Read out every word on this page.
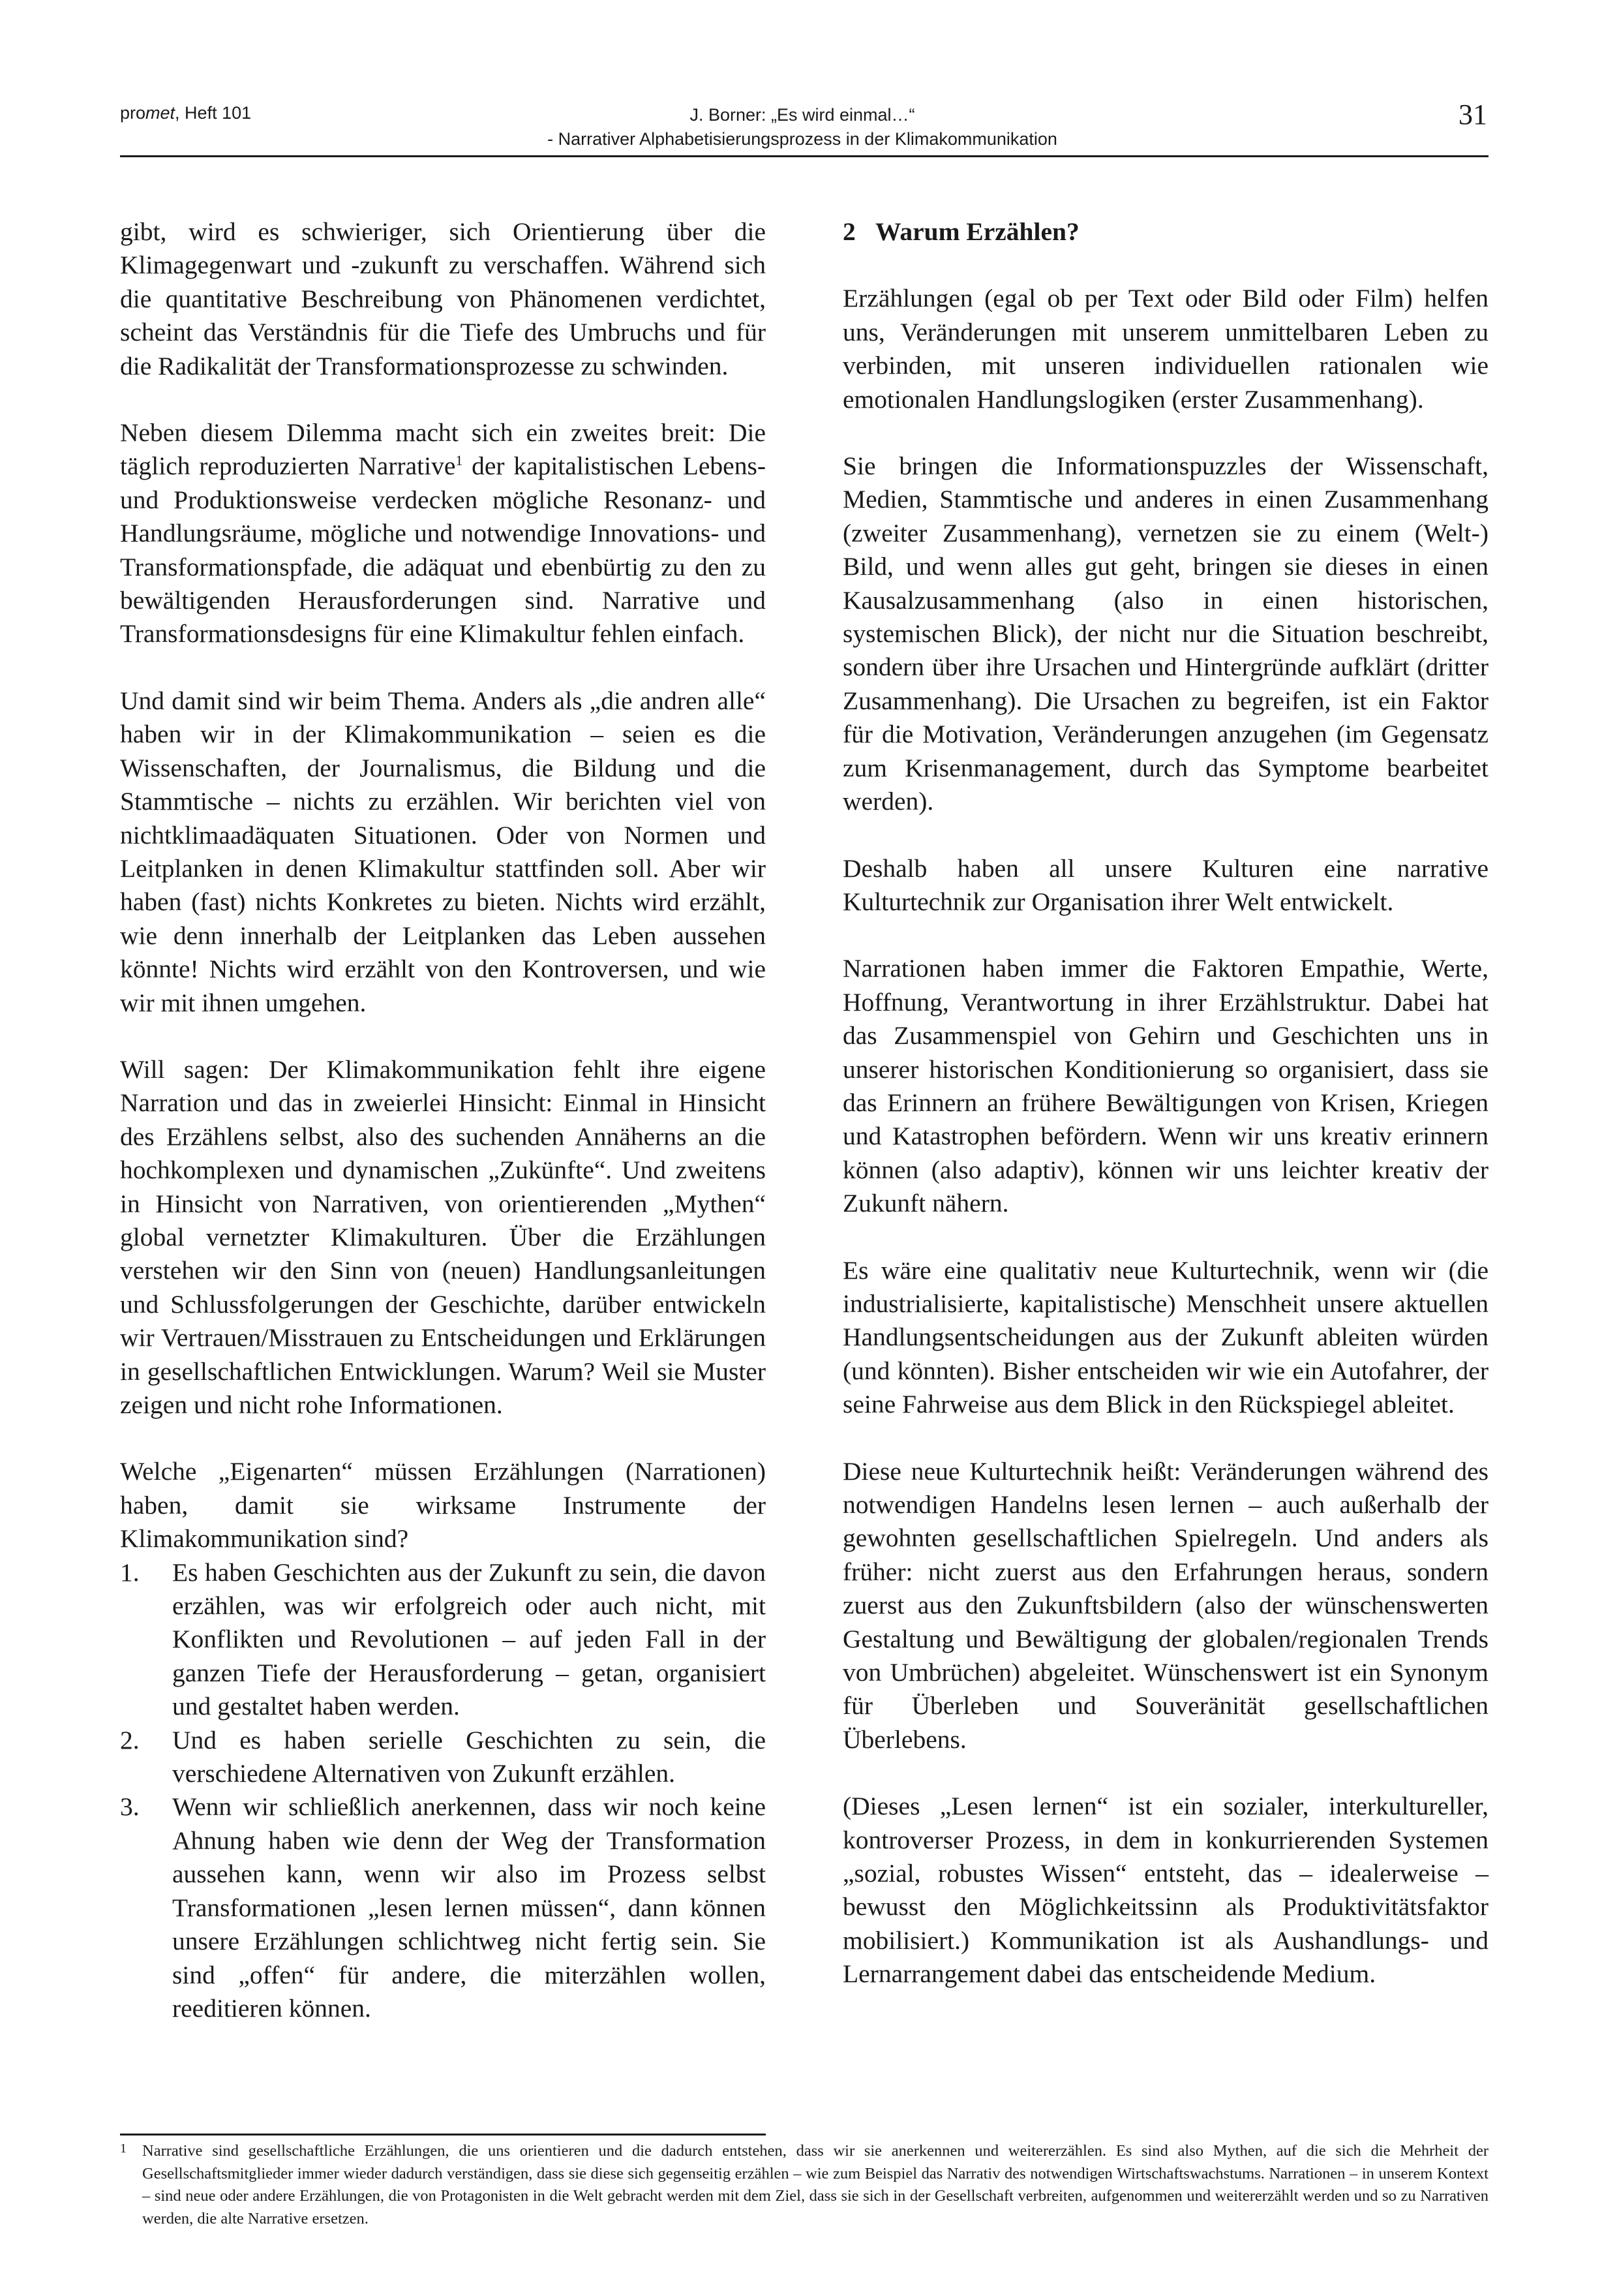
promet, Heft 101	J. Borner: „Es wird einmal…“
- Narrativer Alphabetisierungsprozess in der Klimakommunikation
31

gibt, wird es schwieriger, sich Orientierung über die Klimagegenwart und -zukunft zu verschaffen. Während sich die quantitative Beschreibung von Phänomenen verdichtet, scheint das Verständnis für die Tiefe des Umbruchs und für die Radikalität der Transformationsprozesse zu schwinden.

Neben diesem Dilemma macht sich ein zweites breit: Die täglich reproduzierten Narrative$^1$ der kapitalistischen Lebens- und Produktionsweise verdecken mögliche Resonanz- und Handlungsräume, mögliche und notwendige Innovations- und Transformationspfade, die adäquat und ebenbürtig zu den zu bewältigenden Herausforderungen sind. Narrative und Transformationsdesigns für eine Klimakultur fehlen einfach.

Und damit sind wir beim Thema. Anders als „die andren alle“ haben wir in der Klimakommunikation – seien es die Wissenschaften, der Journalismus, die Bildung und die Stammtische – nichts zu erzählen. Wir berichten viel von nichtklimaadäquaten Situationen. Oder von Normen und Leitplanken in denen Klimakultur stattfinden soll. Aber wir haben (fast) nichts Konkretes zu bieten. Nichts wird erzählt, wie denn innerhalb der Leitplanken das Leben aussehen könnte! Nichts wird erzählt von den Kontroversen, und wie wir mit ihnen umgehen.

Will sagen: Der Klimakommunikation fehlt ihre eigene Narration und das in zweierlei Hinsicht: Einmal in Hinsicht des Erzählens selbst, also des suchenden Annäherns an die hochkomplexen und dynamischen „Zukünfte“. Und zweitens in Hinsicht von Narrativen, von orientierenden „Mythen“ global vernetzter Klimakulturen. Über die Erzählungen verstehen wir den Sinn von (neuen) Handlungsanleitungen und Schlussfolgerungen der Geschichte, darüber entwickeln wir Vertrauen/Misstrauen zu Entscheidungen und Erklärungen in gesellschaftlichen Entwicklungen. Warum? Weil sie Muster zeigen und nicht rohe Informationen.

Welche „Eigenarten“ müssen Erzählungen (Narrationen) haben, damit sie wirksame Instrumente der Klimakommunikation sind?

1. Es haben Geschichten aus der Zukunft zu sein, die davon erzählen, was wir erfolgreich oder auch nicht, mit Konflikten und Revolutionen – auf jeden Fall in der ganzen Tiefe der Herausforderung – getan, organisiert und gestaltet haben werden.
2. Und es haben serielle Geschichten zu sein, die verschiedene Alternativen von Zukunft erzählen.
3. Wenn wir schließlich anerkennen, dass wir noch keine Ahnung haben wie denn der Weg der Transformation aussehen kann, wenn wir also im Prozess selbst Transformationen „lesen lernen müssen“, dann können unsere Erzählungen schlichtweg nicht fertig sein. Sie sind „offen“ für andere, die miterzählen wollen, reeditieren können.
2 Warum Erzählen?

Erzählungen (egal ob per Text oder Bild oder Film) helfen uns, Veränderungen mit unserem unmittelbaren Leben zu verbinden, mit unseren individuellen rationalen wie emotionalen Handlungslogiken (erster Zusammenhang).

Sie bringen die Informationspuzzles der Wissenschaft, Medien, Stammtische und anderes in einen Zusammenhang (zweiter Zusammenhang), vernetzen sie zu einem (Welt-) Bild, und wenn alles gut geht, bringen sie dieses in einen Kausalzusammenhang (also in einen historischen, systemischen Blick), der nicht nur die Situation beschreibt, sondern über ihre Ursachen und Hintergründe aufklärt (dritter Zusammenhang). Die Ursachen zu begreifen, ist ein Faktor für die Motivation, Veränderungen anzugehen (im Gegensatz zum Krisenmanagement, durch das Symptome bearbeitet werden).

Deshalb haben all unsere Kulturen eine narrative Kulturtechnik zur Organisation ihrer Welt entwickelt.

Narrationen haben immer die Faktoren Empathie, Werte, Hoffnung, Verantwortung in ihrer Erzählstruktur. Dabei hat das Zusammenspiel von Gehirn und Geschichten uns in unserer historischen Konditionierung so organisiert, dass sie das Erinnern an frühere Bewältigungen von Krisen, Kriegen und Katastrophen befördern. Wenn wir uns kreativ erinnern können (also adaptiv), können wir uns leichter kreativ der Zukunft nähern.

Es wäre eine qualitativ neue Kulturtechnik, wenn wir (die industrialisierte, kapitalistische) Menschheit unsere aktuellen Handlungsentscheidungen aus der Zukunft ableiten würden (und könnten). Bisher entscheiden wir wie ein Autofahrer, der seine Fahrweise aus dem Blick in den Rückspiegel ableitet.

Diese neue Kulturtechnik heißt: Veränderungen während des notwendigen Handelns lesen lernen – auch außerhalb der gewohnten gesellschaftlichen Spielregeln. Und anders als früher: nicht zuerst aus den Erfahrungen heraus, sondern zuerst aus den Zukunftsbildern (also der wünschenswerten Gestaltung und Bewältigung der globalen/regionalen Trends von Umbrüchen) abgeleitet. Wünschenswert ist ein Synonym für Überleben und Souveränität gesellschaftlichen Überlebens.

(Dieses „Lesen lernen“ ist ein sozialer, interkultureller, kontroverser Prozess, in dem in konkurrierenden Systemen „sozial, robustes Wissen“ entsteht, das – idealerweise – bewusst den Möglichkeitssinn als Produktivitätsfaktor mobilisiert.) Kommunikation ist als Aushandlungs- und Lernarrangement dabei das entscheidende Medium.

1 Narrative sind gesellschaftliche Erzählungen, die uns orientieren und die dadurch entstehen, dass wir sie anerkennen und weitererzählen. Es sind also Mythen, auf die sich die Mehrheit der Gesellschaftsmitglieder immer wieder dadurch verständigen, dass sie diese sich gegenseitig erzählen – wie zum Beispiel das Narrativ des notwendigen Wirtschaftswachstums. Narrationen – in unserem Kontext – sind neue oder andere Erzählungen, die von Protagonisten in die Welt gebracht werden mit dem Ziel, dass sie sich in der Gesellschaft verbreiten, aufgenommen und weitererzählt werden und so zu Narrativen werden, die alte Narrative ersetzen.
